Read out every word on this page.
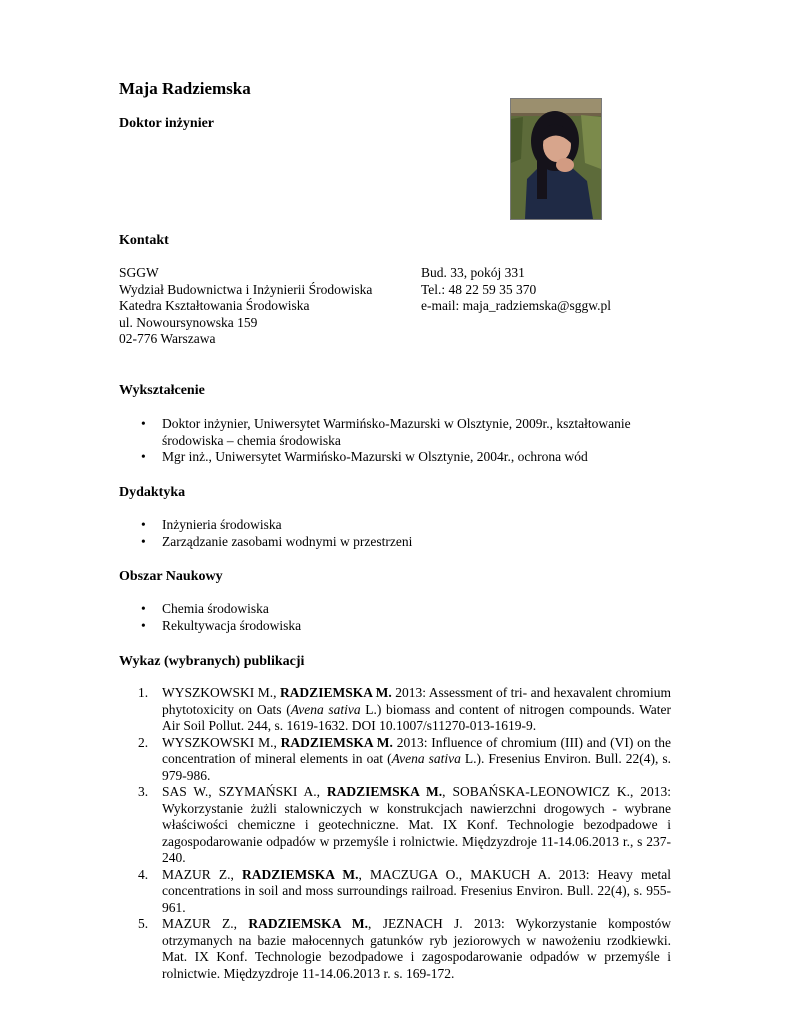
Maja Radziemska
Doktor inżynier
Kontakt
SGGW
Wydział Budownictwa i Inżynierii Środowiska
Katedra Kształtowania Środowiska
ul. Nowoursynowska 159
02-776 Warszawa
Bud. 33, pokój 331
Tel.: 48 22 59 35 370
e-mail: maja_radziemska@sggw.pl
Wykształcenie
• Doktor inżynier, Uniwersytet Warmińsko-Mazurski w Olsztynie, 2009r., kształtowanie środowiska – chemia środowiska
• Mgr inż., Uniwersytet Warmińsko-Mazurski w Olsztynie, 2004r., ochrona wód
Dydaktyka
• Inżynieria środowiska
• Zarządzanie zasobami wodnymi w przestrzeni
Obszar Naukowy
• Chemia środowiska
• Rekultywacja środowiska
Wykaz (wybranych) publikacji
1. WYSZKOWSKI M., RADZIEMSKA M. 2013: Assessment of tri- and hexavalent chromium phytotoxicity on Oats (Avena sativa L.) biomass and content of nitrogen compounds. Water Air Soil Pollut. 244, s. 1619-1632. DOI 10.1007/s11270-013-1619-9.
2. WYSZKOWSKI M., RADZIEMSKA M. 2013: Influence of chromium (III) and (VI) on the concentration of mineral elements in oat (Avena sativa L.). Fresenius Environ. Bull. 22(4), s. 979-986.
3. SAS W., SZYMAŃSKI A., RADZIEMSKA M., SOBAŃSKA-LEONOWICZ K., 2013: Wykorzystanie żużli stalowniczych w konstrukcjach nawierzchni drogowych - wybrane właściwości chemiczne i geotechniczne. Mat. IX Konf. Technologie bezodpadowe i zagospodarowanie odpadów w przemyśle i rolnictwie. Międzyzdroje 11-14.06.2013 r., s 237-240.
4. MAZUR Z., RADZIEMSKA M., MACZUGA O., MAKUCH A. 2013: Heavy metal concentrations in soil and moss surroundings railroad. Fresenius Environ. Bull. 22(4), s. 955-961.
5. MAZUR Z., RADZIEMSKA M., JEZNACH J. 2013: Wykorzystanie kompostów otrzymanych na bazie małocennych gatunków ryb jeziorowych w nawożeniu rzodkiewki. Mat. IX Konf. Technologie bezodpadowe i zagospodarowanie odpadów w przemyśle i rolnictwie. Międzyzdroje 11-14.06.2013 r. s. 169-172.
